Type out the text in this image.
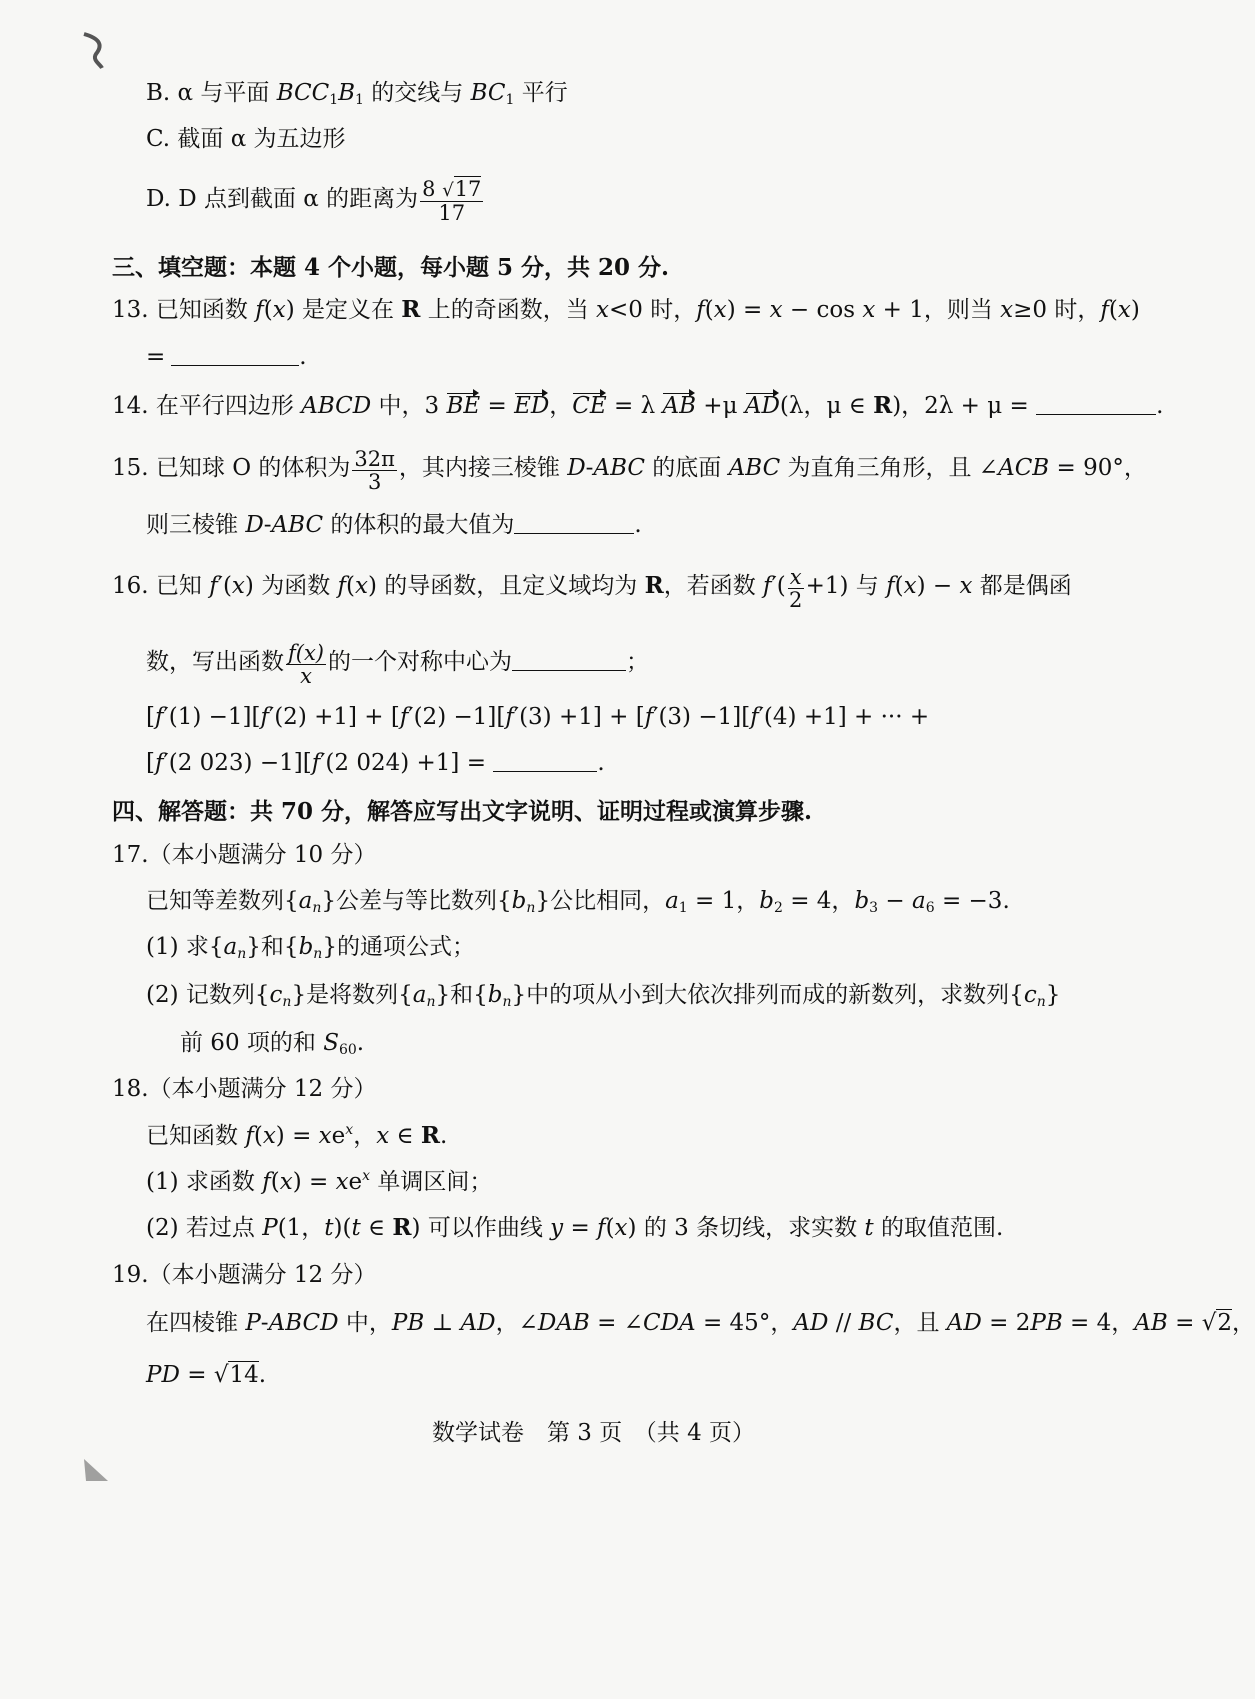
B. α 与平面 $BCC_1B_1$ 的交线与 $BC_1$ 平行
C. 截面 α 为五边形
D. D 点到截面 α 的距离为 $\frac{8 √17}{17}$
三、填空题：本题 4 个小题，每小题 5 分，共 20 分.
13. 已知函数 f(x) 是定义在 R 上的奇函数，当 x<0 时，f(x) = x − cos x + 1，则当 x≥0 时，f(x)
=	.
14. 在平行四边形 ABCD 中，3 BE = ED，CE = λ AB +μ AD(λ，μ ∈ R)，2λ + μ =	.
15. 已知球 O 的体积为 $\frac{32\pi}{3}$ ，其内接三棱锥 D-ABC 的底面 ABC 为直角三角形，且 ∠ACB = 90°，
则三棱锥 D-ABC 的体积的最大值为	.
16. 已知 f′(x) 为函数 f(x) 的导函数，且定义域均为 R，若函数 $f'( \frac{x}{2} +1)$ 与 f(x) − x 都是偶函
数，写出函数 $\frac{f(x)}{x}$ 的一个对称中心为	；
[f′(1) −1][f′(2) +1] + [f′(2) −1][f′(3) +1] + [f′(3) −1][f′(4) +1] + ··· +
[f′(2 023) −1][f′(2 024) +1] =	.
四、解答题：共 70 分，解答应写出文字说明、证明过程或演算步骤.
17.（本小题满分 10 分）
已知等差数列$\{a_n\}$公差与等比数列$\{b_n\}$公比相同，$a_1 = 1$，$b_2 = 4$，$b_3 - a_6 = -3$.
(1) 求$\{a_n\}$和$\{b_n\}$的通项公式；
(2) 记数列$\{c_n\}$是将数列$\{a_n\}$和$\{b_n\}$中的项从小到大依次排列而成的新数列，求数列$\{c_n\}$
前 60 项的和 $S_{60}$.
18.（本小题满分 12 分）
已知函数 $f(x) = xe^x$，x ∈ R.
(1) 求函数 $f(x) = xe^x$ 单调区间；
(2) 若过点 P(1，t)(t ∈ R) 可以作曲线 y = f(x) 的 3 条切线，求实数 t 的取值范围.
19.（本小题满分 12 分）
在四棱锥 P-ABCD 中，PB ⊥ AD，∠DAB = ∠CDA = 45°，AD // BC，且 AD = 2PB = 4，AB = √2，
PD = √14.
数学试卷　第 3 页　（共 4 页）
